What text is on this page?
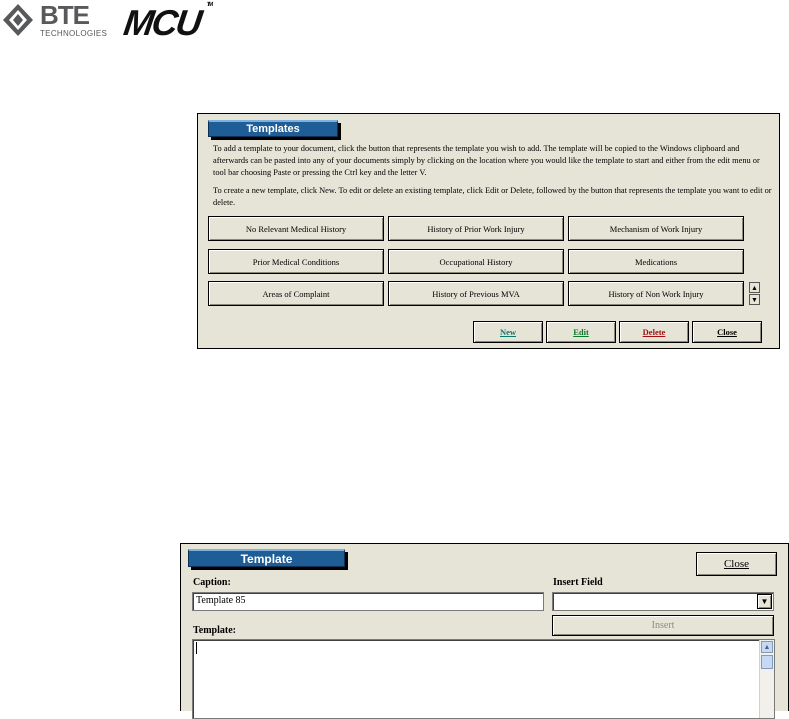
BTE
TECHNOLOGIES MCU ™
Templates
To add a template to your document, click the button that represents the template you wish to add. The template will be copied to the Windows clipboard and afterwards can be pasted into any of your documents simply by clicking on the location where you would like the template to start and either from the edit menu or tool bar choosing Paste or pressing the Ctrl key and the letter V.
To create a new template, click New. To edit or delete an existing template, click Edit or Delete, followed by the button that represents the template you want to edit or delete.
No Relevant Medical History	History of Prior Work Injury	Mechanism of Work Injury
Prior Medical Conditions	Occupational History	Medications
Areas of Complaint	History of Previous MVA	History of Non Work Injury
▲
▼
New	Edit	Delete	Close
Template	Close
Caption:
Template 85
Insert Field
▼
Insert
Template:
▲
